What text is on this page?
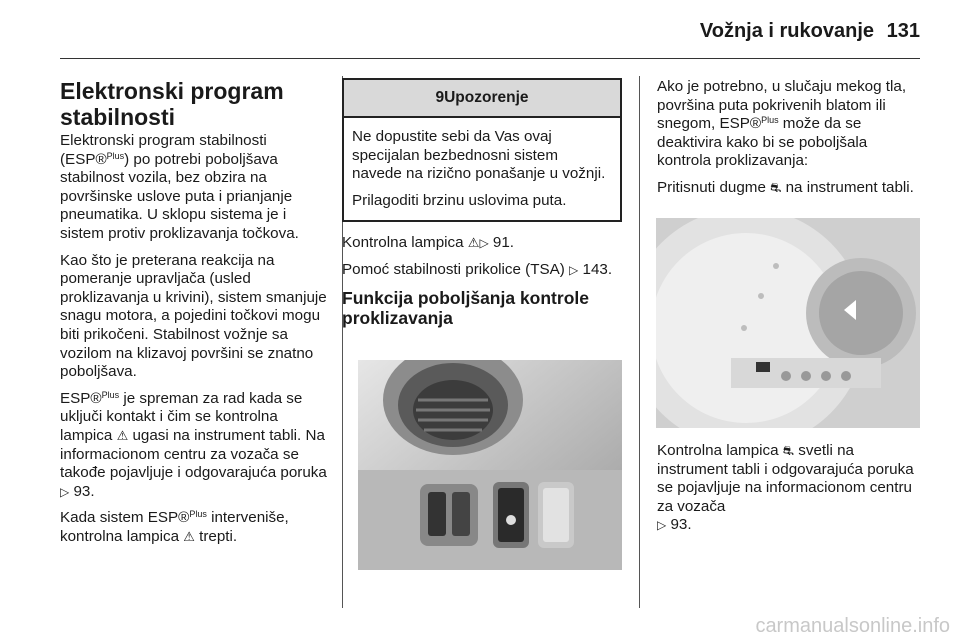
Vožnja i rukovanje 131
Elektronski program stabilnosti

Elektronski program stabilnosti (ESP®$^{Plus}$) po potrebi poboljšava stabilnost vozila, bez obzira na površinske uslove puta i prianjanje pneumatika. U sklopu sistema je i sistem protiv proklizavanja točkova.

Kao što je preterana reakcija na pomeranje upravljača (usled proklizavanja u krivini), sistem smanjuje snagu motora, a pojedini točkovi mogu biti prikočeni. Stabilnost vožnje sa vozilom na klizavoj površini se znatno poboljšava.

ESP®$^{Plus}$ je spreman za rad kada se uključi kontakt i čim se kontrolna lampica ⚠︎ ugasi na instrument tabli. Na informacionom centru za vozača se takođe pojavljuje i odgovarajuća poruka ▷ 93.

Kada sistem ESP®$^{Plus}$ interveniše, kontrolna lampica ⚠︎ trepti.

9Upozorenje

Ne dopustite sebi da Vas ovaj specijalan bezbednosni sistem navede na rizično ponašanje u vožnji.

Prilagoditi brzinu uslovima puta.

Kontrolna lampica ⚠︎▷ 91.

Pomoć stabilnosti prikolice (TSA) ▷ 143.

Funkcija poboljšanja kontrole proklizavanja

Ako je potrebno, u slučaju mekog tla, površina puta pokrivenih blatom ili snegom, ESP®$^{Plus}$ može da se deaktivira kako bi se poboljšala kontrola proklizavanja:

Pritisnuti dugme ⛐ na instrument tabli.

Kontrolna lampica ⛐ svetli na instrument tabli i odgovarajuća poruka se pojavljuje na informacionom centru za vozača
▷ 93.

carmanualsonline.info
